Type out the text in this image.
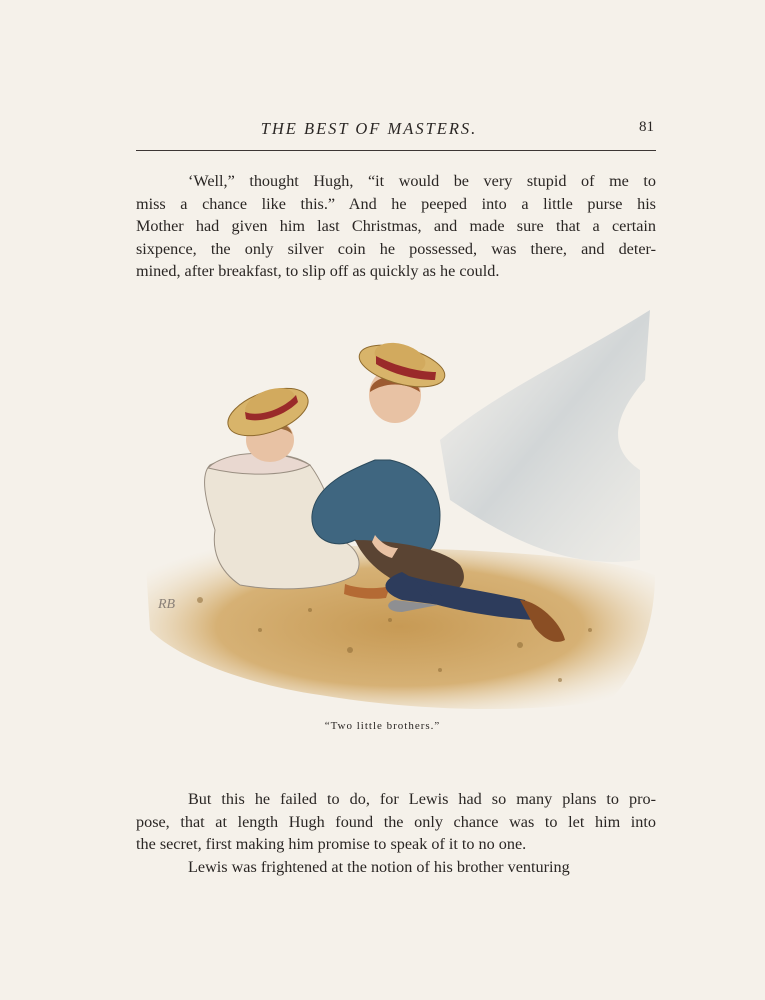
THE BEST OF MASTERS.	81

‘Well,” thought Hugh, “it would be very stupid of me to
miss a chance like this.” And he peeped into a little purse his
Mother had given him last Christmas, and made sure that a certain
sixpence, the only silver coin he possessed, was there, and deter-
mined, after breakfast, to slip off as quickly as he could.

RB
“Two little brothers.”

But this he failed to do, for Lewis had so many plans to pro-
pose, that at length Hugh found the only chance was to let him into
the secret, first making him promise to speak of it to no one.
Lewis was frightened at the notion of his brother venturing
